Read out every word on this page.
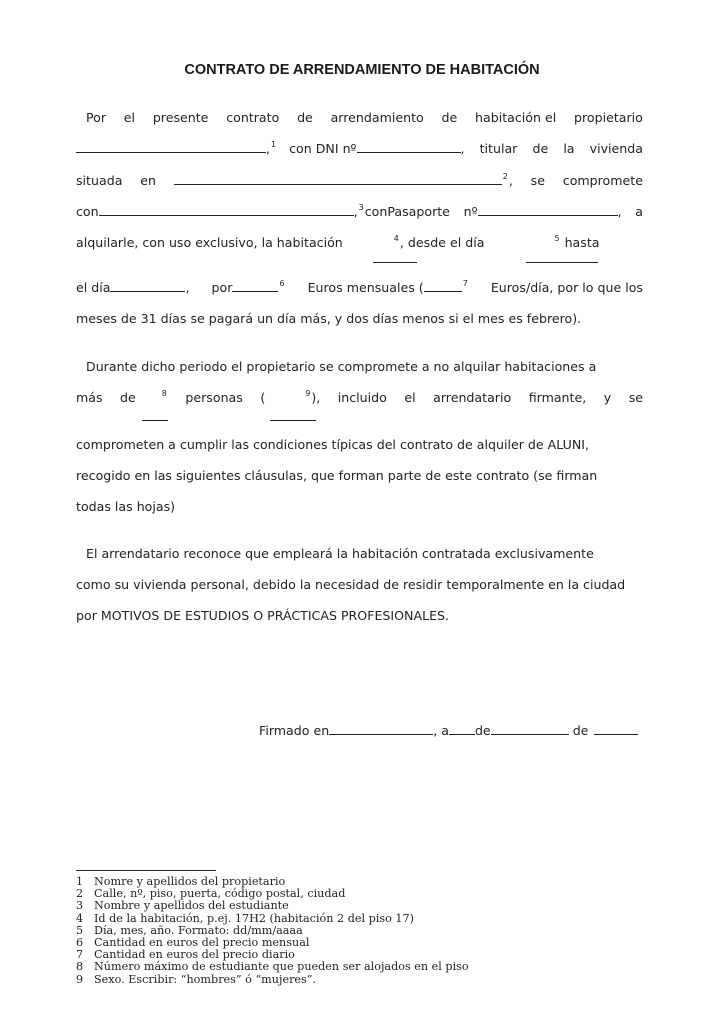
CONTRATO DE ARRENDAMIENTO DE HABITACIÓN
Por el presente contrato de arrendamiento de habitación el propietario
,$^1$ con DNI nº	, titular de la vivienda
situada en	$^2$, se compromete
con	,$^3$conPasaporte nº	, a
alquilarle, con uso exclusivo, la habitación	$^4$, desde el día	$^5$ hasta
el día	, por	$^6$ Euros mensuales (	$^7$ Euros/día, por lo que los
meses de 31 días se pagará un día más, y dos días menos si el mes es febrero).
Durante dicho periodo el propietario se compromete a no alquilar habitaciones a
más de	$^8$ personas (	$^9$), incluido el arrendatario firmante, y se
comprometen a cumplir las condiciones típicas del contrato de alquiler de ALUNI,
recogido en las siguientes cláusulas, que forman parte de este contrato (se firman
todas las hojas)
El arrendatario reconoce que empleará la habitación contratada exclusivamente
como su vivienda personal, debido la necesidad de residir temporalmente en la ciudad
por MOTIVOS DE ESTUDIOS O PRÁCTICAS PROFESIONALES.
Firmado en	, a de	de
1 Nomre y apellidos del propietario
2 Calle, nº, piso, puerta, código postal, ciudad
3 Nombre y apellidos del estudiante
4 Id de la habitación, p.ej. 17H2 (habitación 2 del piso 17)
5 Día, mes, año. Formato: dd/mm/aaaa
6 Cantidad en euros del precio mensual
7 Cantidad en euros del precio diario
8 Número máximo de estudiante que pueden ser alojados en el piso
9 Sexo. Escribir: “hombres” ó “mujeres”.
